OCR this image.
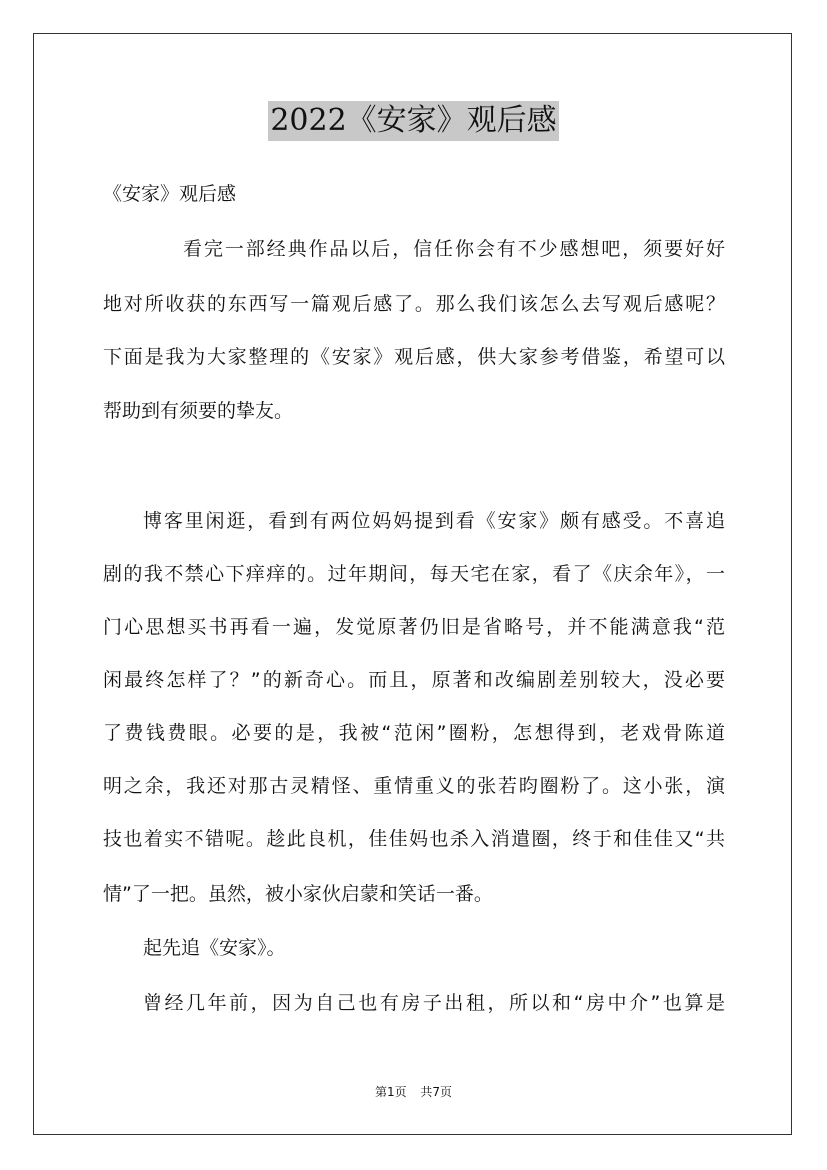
2022《安家》观后感
《安家》观后感
看完一部经典作品以后，信任你会有不少感想吧，须要好好
地对所收获的东西写一篇观后感了。那么我们该怎么去写观后感呢？
下面是我为大家整理的《安家》观后感，供大家参考借鉴，希望可以
帮助到有须要的挚友。
博客里闲逛，看到有两位妈妈提到看《安家》颇有感受。不喜追
剧的我不禁心下痒痒的。过年期间，每天宅在家，看了《庆余年》，一
门心思想买书再看一遍，发觉原著仍旧是省略号，并不能满意我“范
闲最终怎样了？”的新奇心。而且，原著和改编剧差别较大，没必要
了费钱费眼。必要的是，我被“范闲”圈粉，怎想得到，老戏骨陈道
明之余，我还对那古灵精怪、重情重义的张若昀圈粉了。这小张，演
技也着实不错呢。趁此良机，佳佳妈也杀入消遣圈，终于和佳佳又“共
情”了一把。虽然，被小家伙启蒙和笑话一番。
起先追《安家》。
曾经几年前，因为自己也有房子出租，所以和“房中介”也算是
第1页 共7页
